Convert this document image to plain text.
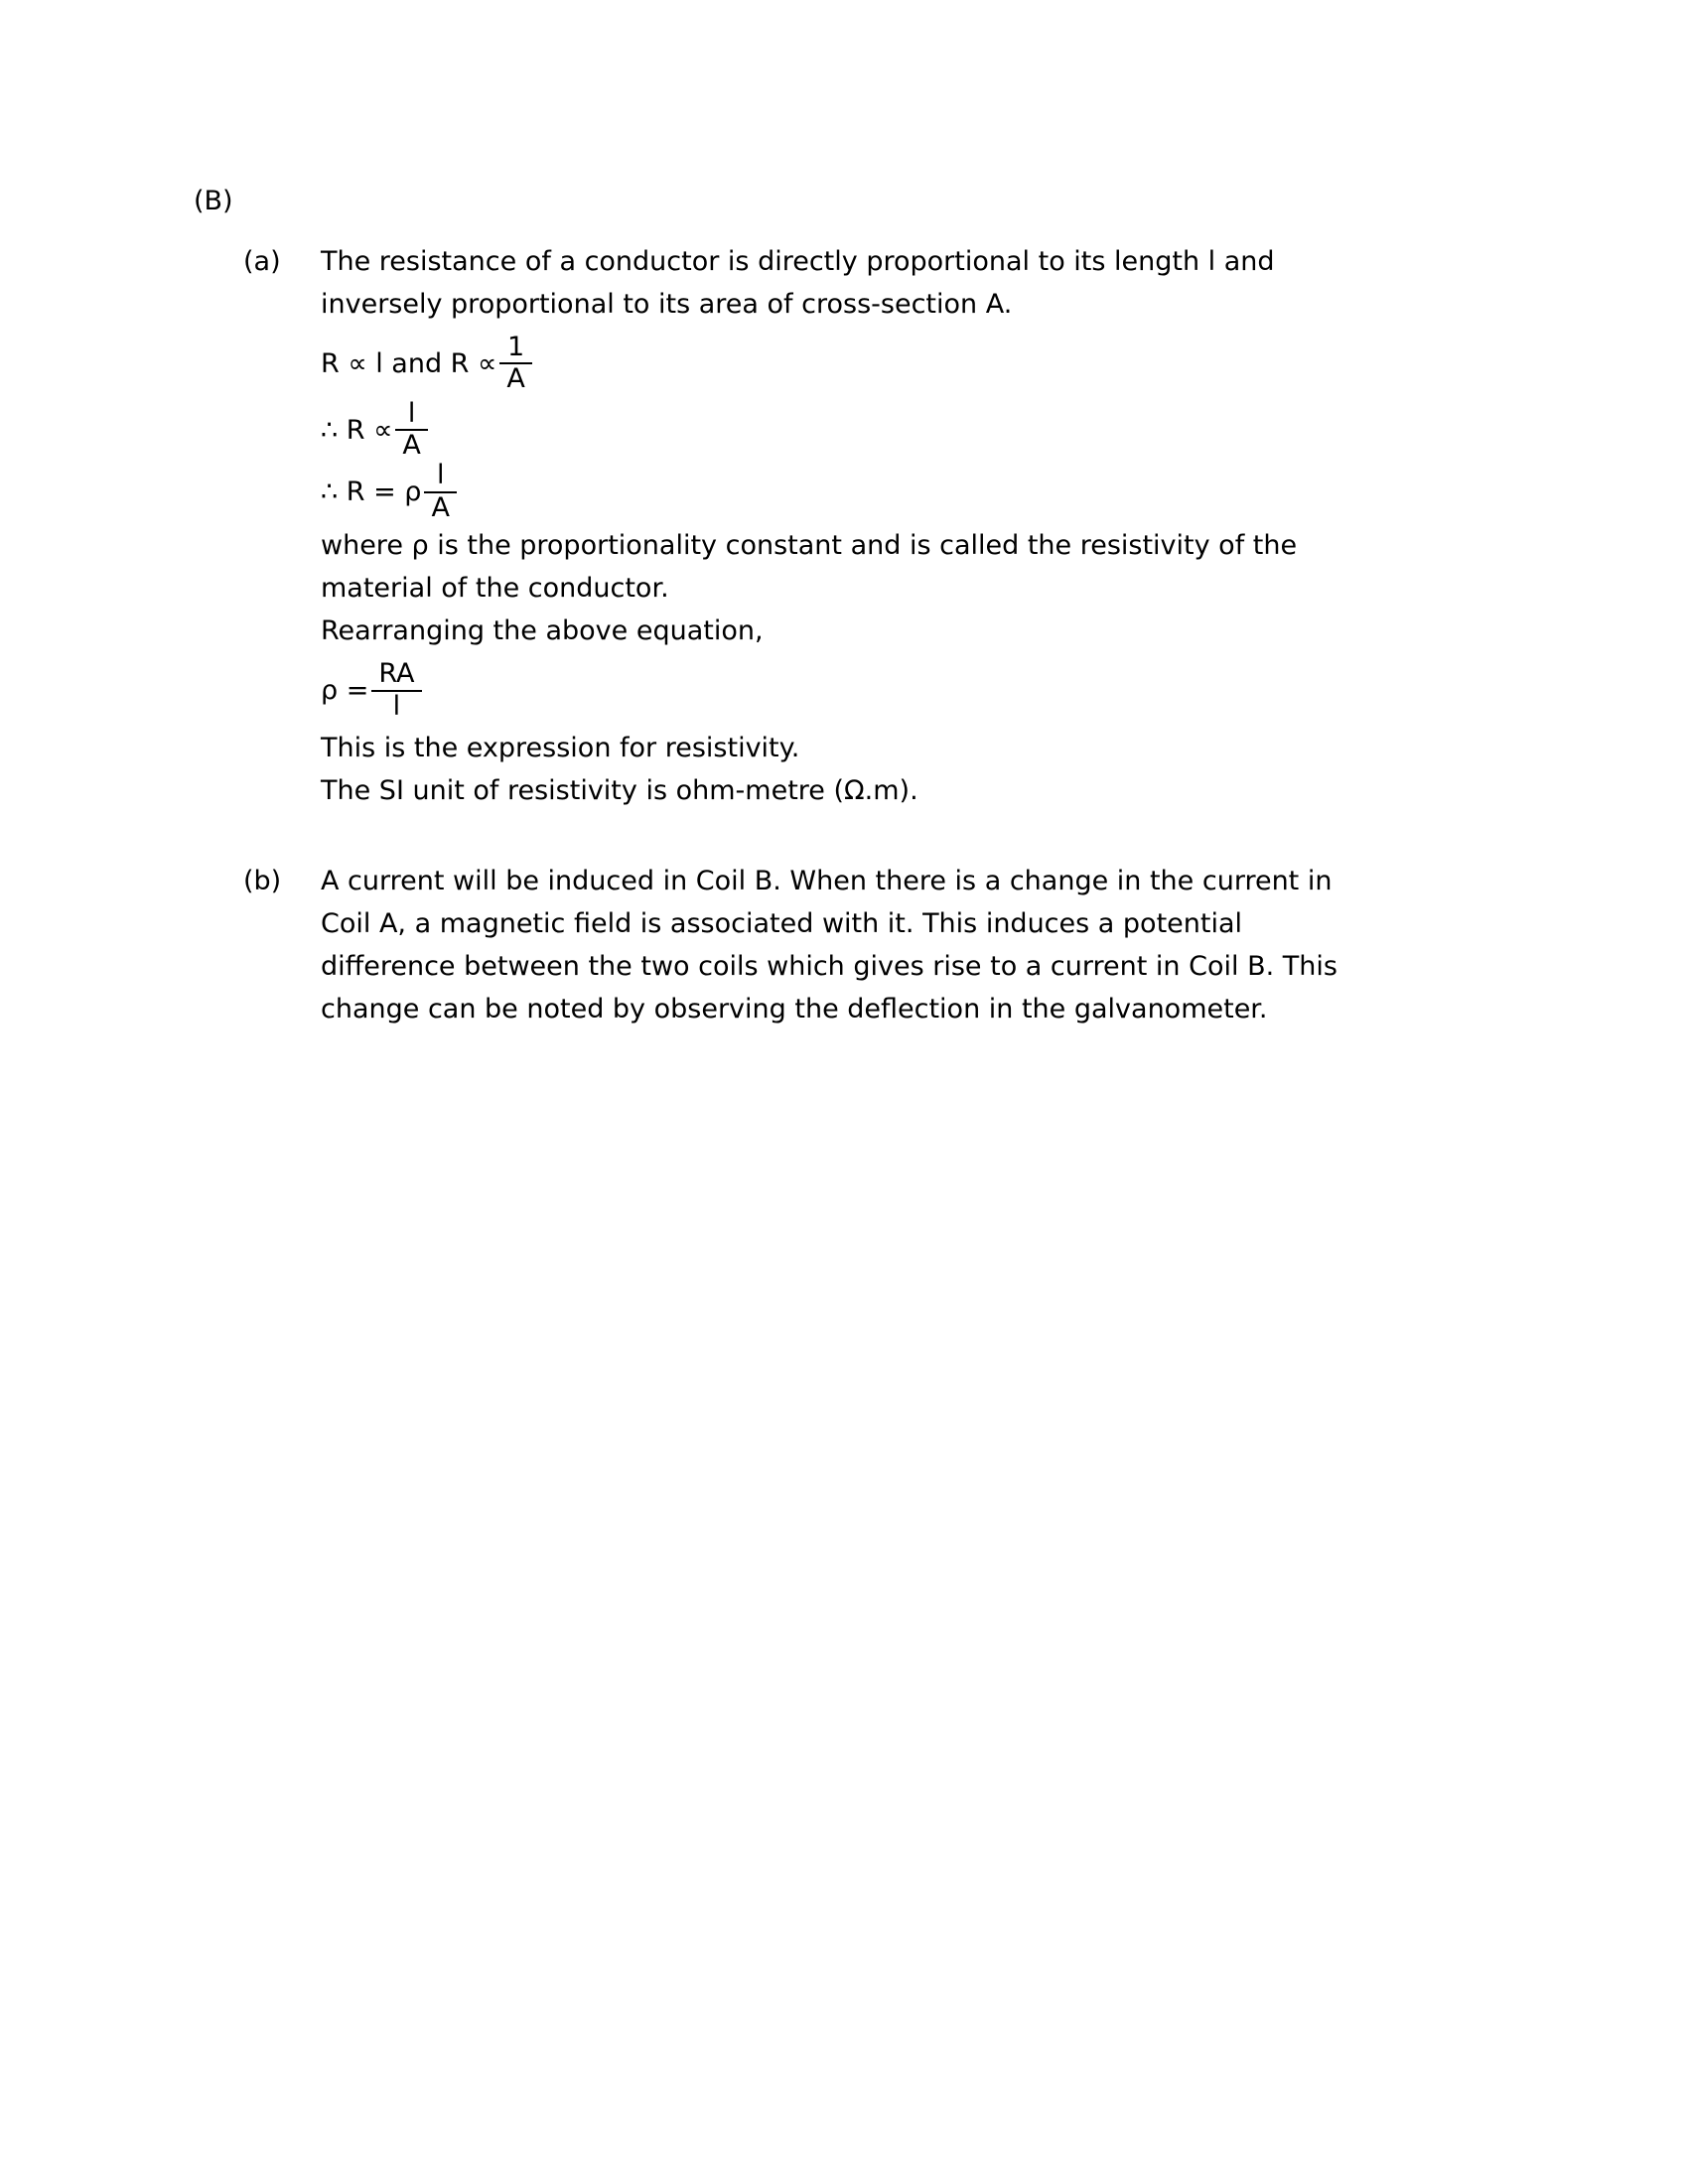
(B)
(a)	The resistance of a conductor is directly proportional to its length l and

inversely proportional to its area of cross-section A.

R ∝ l and $R \propto \frac{1}{A}$
∴ $R \propto \frac{l}{A}$
∴ R = ρ $\frac{l}{A}$

where ρ is the proportionality constant and is called the resistivity of the

material of the conductor.

Rearranging the above equation,

$\rho = \frac{RA}{l}$

This is the expression for resistivity.

The SI unit of resistivity is ohm-metre (Ω.m).

(b)	A current will be induced in Coil B. When there is a change in the current in

Coil A, a magnetic field is associated with it. This induces a potential

difference between the two coils which gives rise to a current in Coil B. This

change can be noted by observing the deflection in the galvanometer.
